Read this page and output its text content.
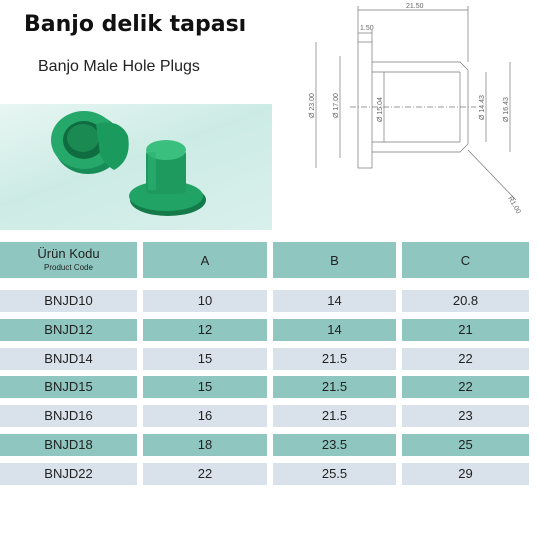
Banjo delik tapası
Banjo Male Hole Plugs
21.50
1.50
Ø 23.00 Ø 17.00	Ø 15.04	Ø 14.43 Ø 16.43
R1.00
Ürün Kodu
Product Code	A	B	C
BNJD10	10	14	20.8
BNJD12	12	14	21
BNJD14	15	21.5	22
BNJD15	15	21.5	22
BNJD16	16	21.5	23
BNJD18	18	23.5	25
BNJD22	22	25.5	29
